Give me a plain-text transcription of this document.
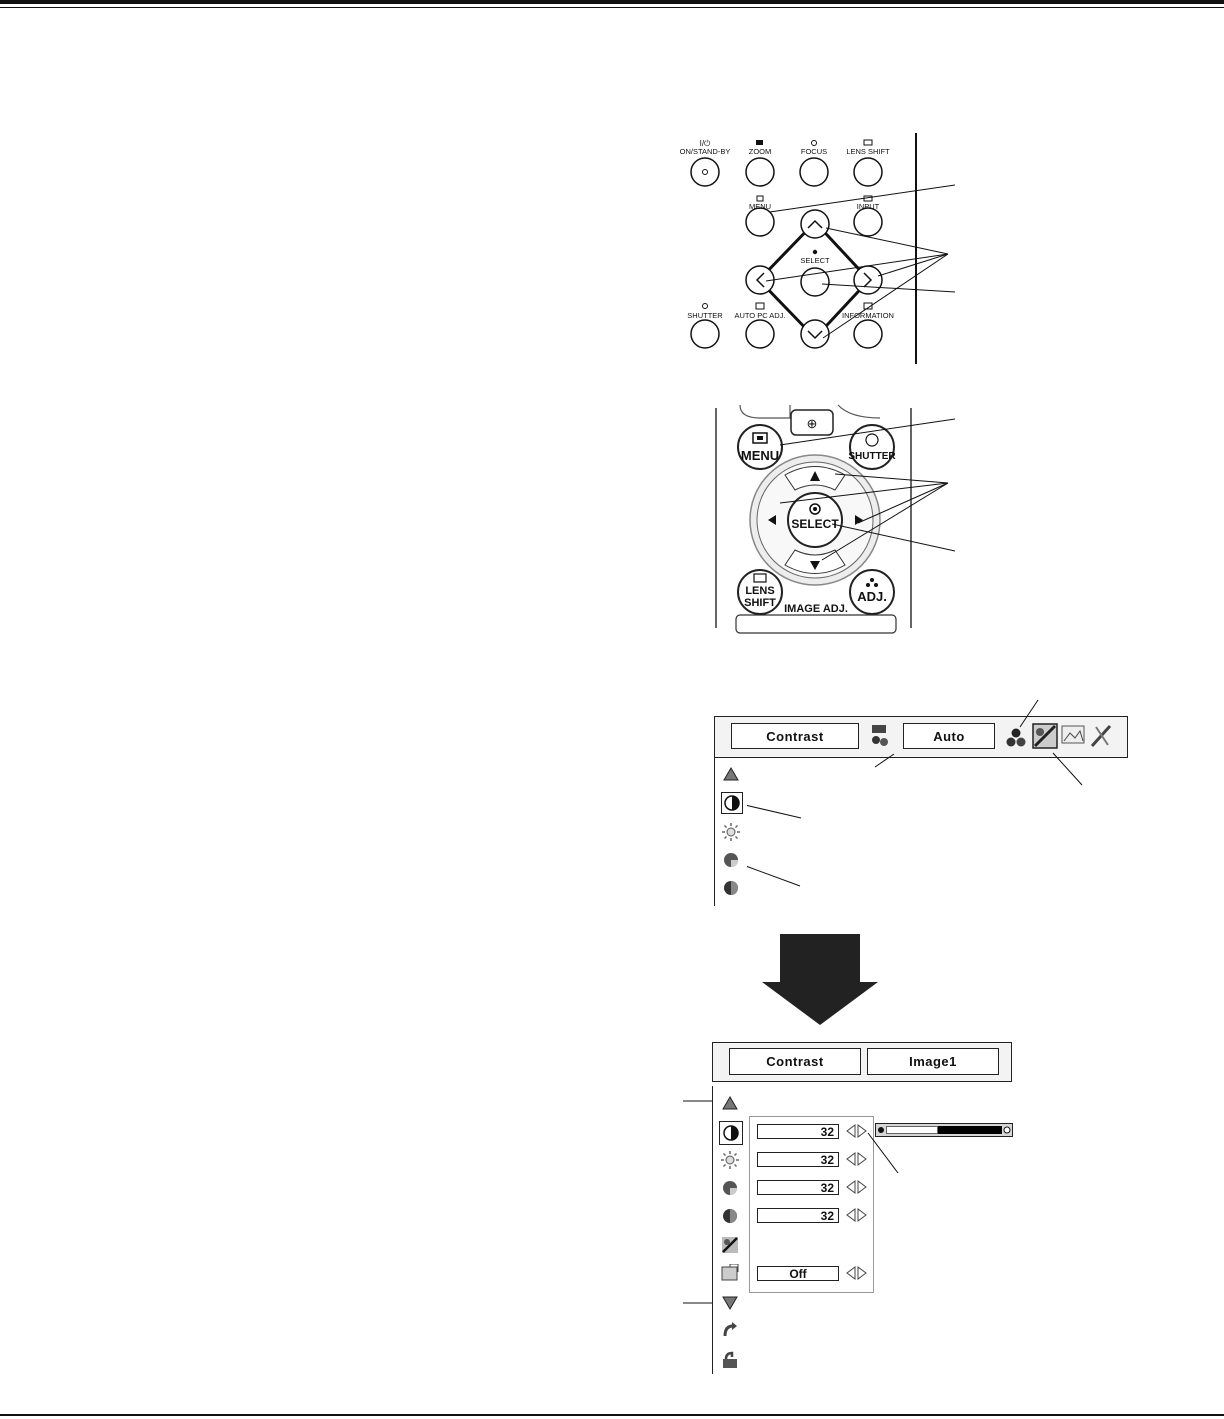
I/⏻
ON/STAND-BY ZOOM	FOCUS	LENS SHIFT
MENU	INPUT
SELECT
SHUTTER AUTO PC ADJ.	INFORMATION
⊕
SELECT
MENU	SHUTTER
LENS
SHIFT	ADJ.
IMAGE ADJ.
Contrast	Auto
Contrast	Image1
32
32
32
32
Off
